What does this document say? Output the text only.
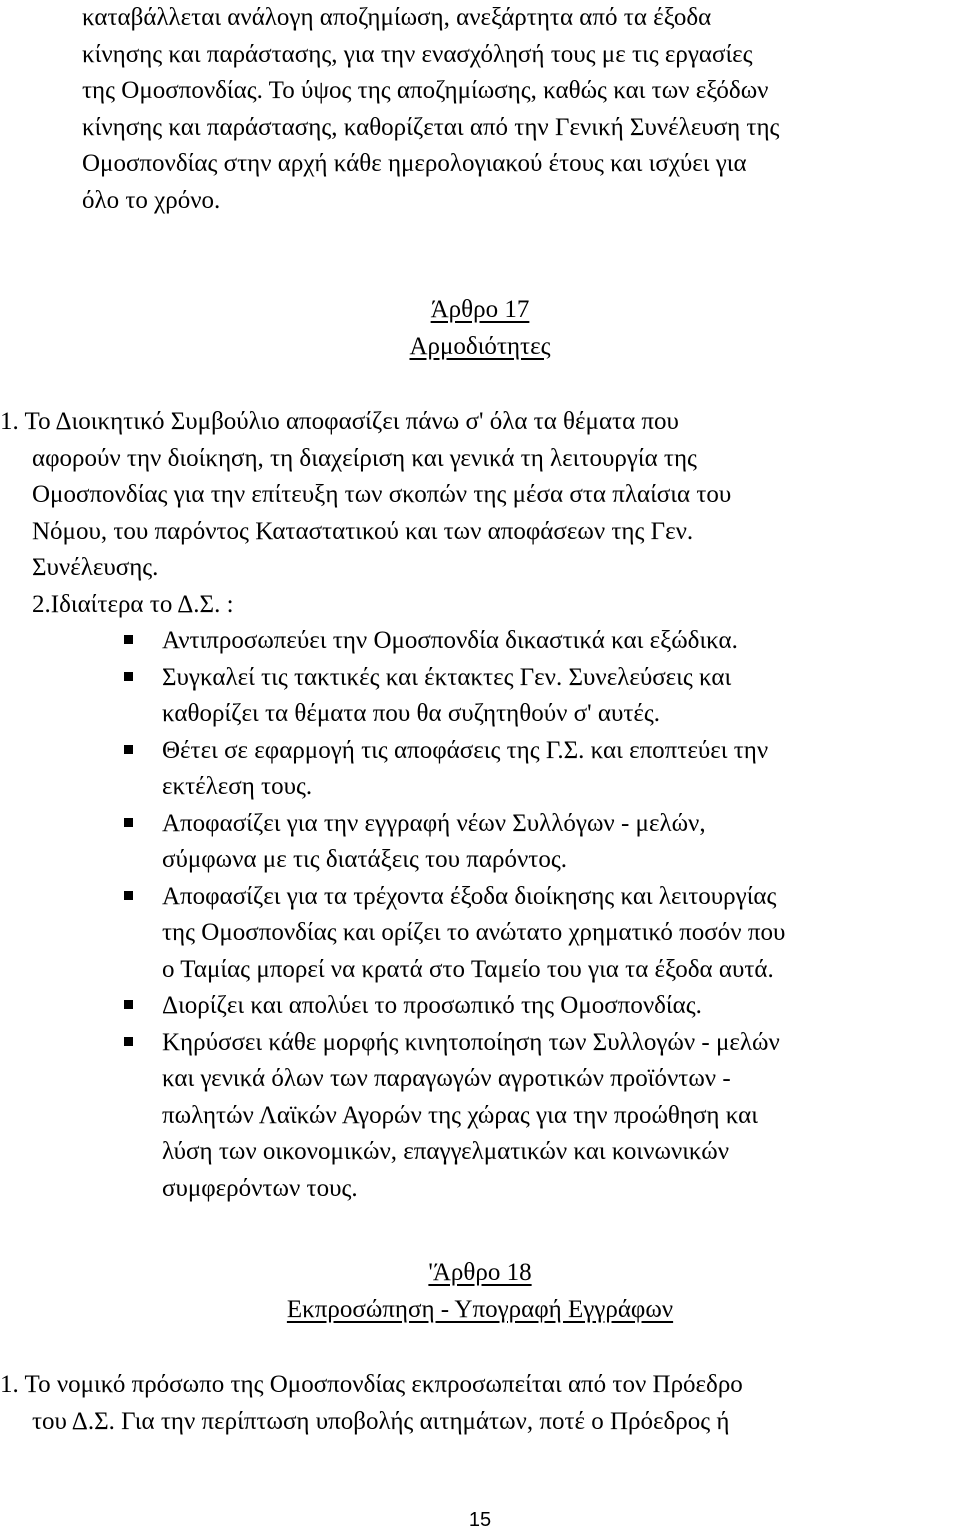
καταβάλλεται ανάλογη αποζημίωση, ανεξάρτητα από τα έξοδα
κίνησης και παράστασης, για την ενασχόλησή τους με τις εργασίες
της Ομοσπονδίας. Το ύψος της αποζημίωσης, καθώς και των εξόδων
κίνησης και παράστασης, καθορίζεται από την Γενική Συνέλευση της
Ομοσπονδίας στην αρχή κάθε ημερολογιακού έτους και ισχύει για
όλο το χρόνο.
Άρθρο 17
Αρμοδιότητες
1. Το Διοικητικό Συμβούλιο αποφασίζει πάνω σ' όλα τα θέματα που
αφορούν την διοίκηση, τη διαχείριση και γενικά τη λειτουργία της
Ομοσπονδίας για την επίτευξη των σκοπών της μέσα στα πλαίσια του
Νόμου, του παρόντος Καταστατικού και των αποφάσεων της Γεν.
Συνέλευσης.
2.Ιδιαίτερα το Δ.Σ. :
Αντιπροσωπεύει την Ομοσπονδία δικαστικά και εξώδικα.
Συγκαλεί τις τακτικές και έκτακτες Γεν. Συνελεύσεις και
καθορίζει τα θέματα που θα συζητηθούν σ' αυτές.
Θέτει σε εφαρμογή τις αποφάσεις της Γ.Σ. και εποπτεύει την
εκτέλεση τους.
Αποφασίζει για την εγγραφή νέων Συλλόγων - μελών,
σύμφωνα με τις διατάξεις του παρόντος.
Αποφασίζει για τα τρέχοντα έξοδα διοίκησης και λειτουργίας
της Ομοσπονδίας και ορίζει το ανώτατο χρηματικό ποσόν που
ο Ταμίας μπορεί να κρατά στο Ταμείο του για τα έξοδα αυτά.
Διορίζει και απολύει το προσωπικό της Ομοσπονδίας.
Κηρύσσει κάθε μορφής κινητοποίηση των Συλλογών - μελών
και γενικά όλων των παραγωγών αγροτικών προϊόντων -
πωλητών Λαϊκών Αγορών της χώρας για την προώθηση και
λύση των οικονομικών, επαγγελματικών και κοινωνικών
συμφερόντων τους.
'Άρθρο 18
Εκπροσώπηση - Υπογραφή Εγγράφων
1. Το νομικό πρόσωπο της Ομοσπονδίας εκπροσωπείται από τον Πρόεδρο
του Δ.Σ. Για την περίπτωση υποβολής αιτημάτων, ποτέ ο Πρόεδρος ή
15
